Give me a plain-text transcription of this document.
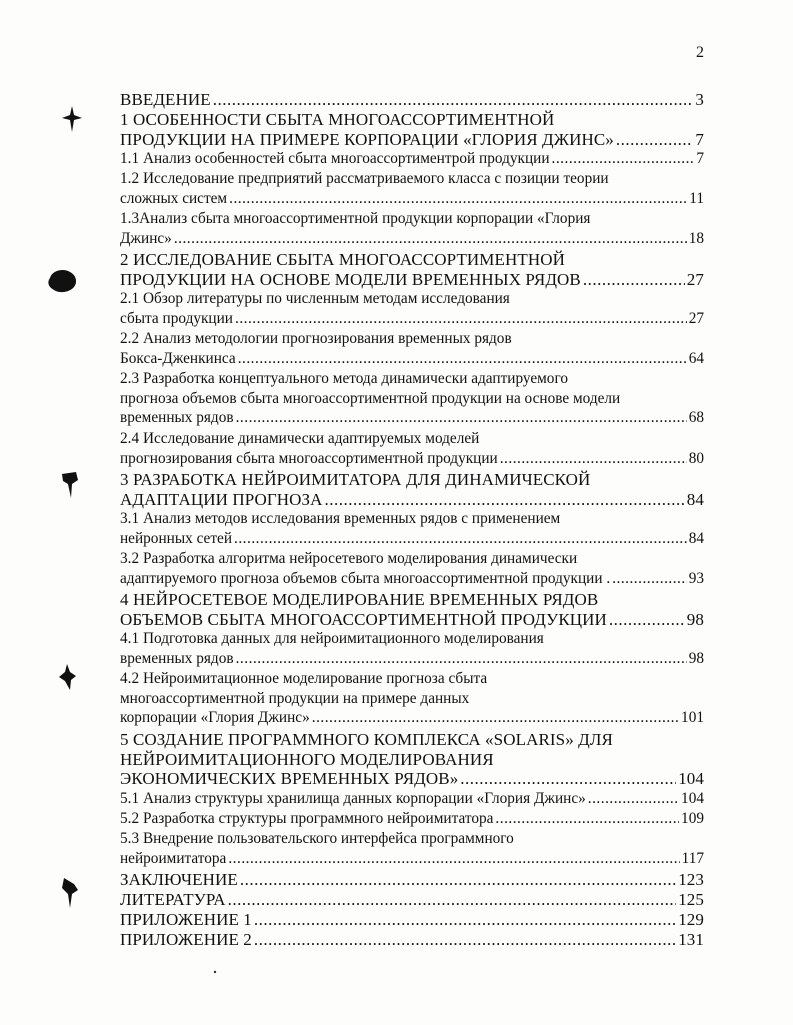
2
ВВЕДЕНИЕ .....	3
1 ОСОБЕННОСТИ СБЫТА МНОГОАССОРТИМЕНТНОЙ
ПРОДУКЦИИ НА ПРИМЕРЕ КОРПОРАЦИИ «ГЛОРИЯ ДЖИНС» .....	7
1.1 Анализ особенностей сбыта многоассортиментрой продукции .....	7
1.2 Исследование предприятий рассматриваемого класса с позиции теории
сложных систем .....	11
1.3Анализ сбыта многоассортиментной продукции корпорации «Глория
Джинс» .....	18
2 ИССЛЕДОВАНИЕ СБЫТА МНОГОАССОРТИМЕНТНОЙ
ПРОДУКЦИИ НА ОСНОВЕ МОДЕЛИ ВРЕМЕННЫХ РЯДОВ .....	27
2.1 Обзор литературы по численным методам исследования
сбыта продукции .....	27
2.2 Анализ методологии прогнозирования временных рядов
Бокса-Дженкинса .....	64
2.3 Разработка концептуального метода динамически адаптируемого
прогноза объемов сбыта многоассортиментной продукции на основе модели
временных рядов .....	68
2.4 Исследование динамически адаптируемых моделей
прогнозирования сбыта многоассортиментной продукции .....	80
3 РАЗРАБОТКА НЕЙРОИМИТАТОРА ДЛЯ ДИНАМИЧЕСКОЙ
АДАПТАЦИИ ПРОГНОЗА .....	84
3.1 Анализ методов исследования временных рядов с применением
нейронных сетей .....	84
3.2 Разработка алгоритма нейросетевого моделирования динамически
адаптируемого прогноза объемов сбыта многоассортиментной продукции . .....	93
4 НЕЙРОСЕТЕВОЕ МОДЕЛИРОВАНИЕ ВРЕМЕННЫХ РЯДОВ
ОБЪЕМОВ СБЫТА МНОГОАССОРТИМЕНТНОЙ ПРОДУКЦИИ .....	98
4.1 Подготовка данных для нейроимитационного моделирования
временных рядов .....	98
4.2 Нейроимитационное моделирование прогноза сбыта
многоассортиментной продукции на примере данных
корпорации «Глория Джинс» .....	101
5 СОЗДАНИЕ ПРОГРАММНОГО КОМПЛЕКСА «SOLARIS» ДЛЯ
НЕЙРОИМИТАЦИОННОГО МОДЕЛИРОВАНИЯ
ЭКОНОМИЧЕСКИХ ВРЕМЕННЫХ РЯДОВ» .....	104
5.1 Анализ структуры хранилища данных корпорации «Глория Джинс» .....	104
5.2 Разработка структуры программного нейроимитатора .....	109
5.3 Внедрение пользовательского интерфейса программного
нейроимитатора .....	117
ЗАКЛЮЧЕНИЕ .....	123
ЛИТЕРАТУРА .....	125
ПРИЛОЖЕНИЕ 1 .....	129
ПРИЛОЖЕНИЕ 2 .....	131
